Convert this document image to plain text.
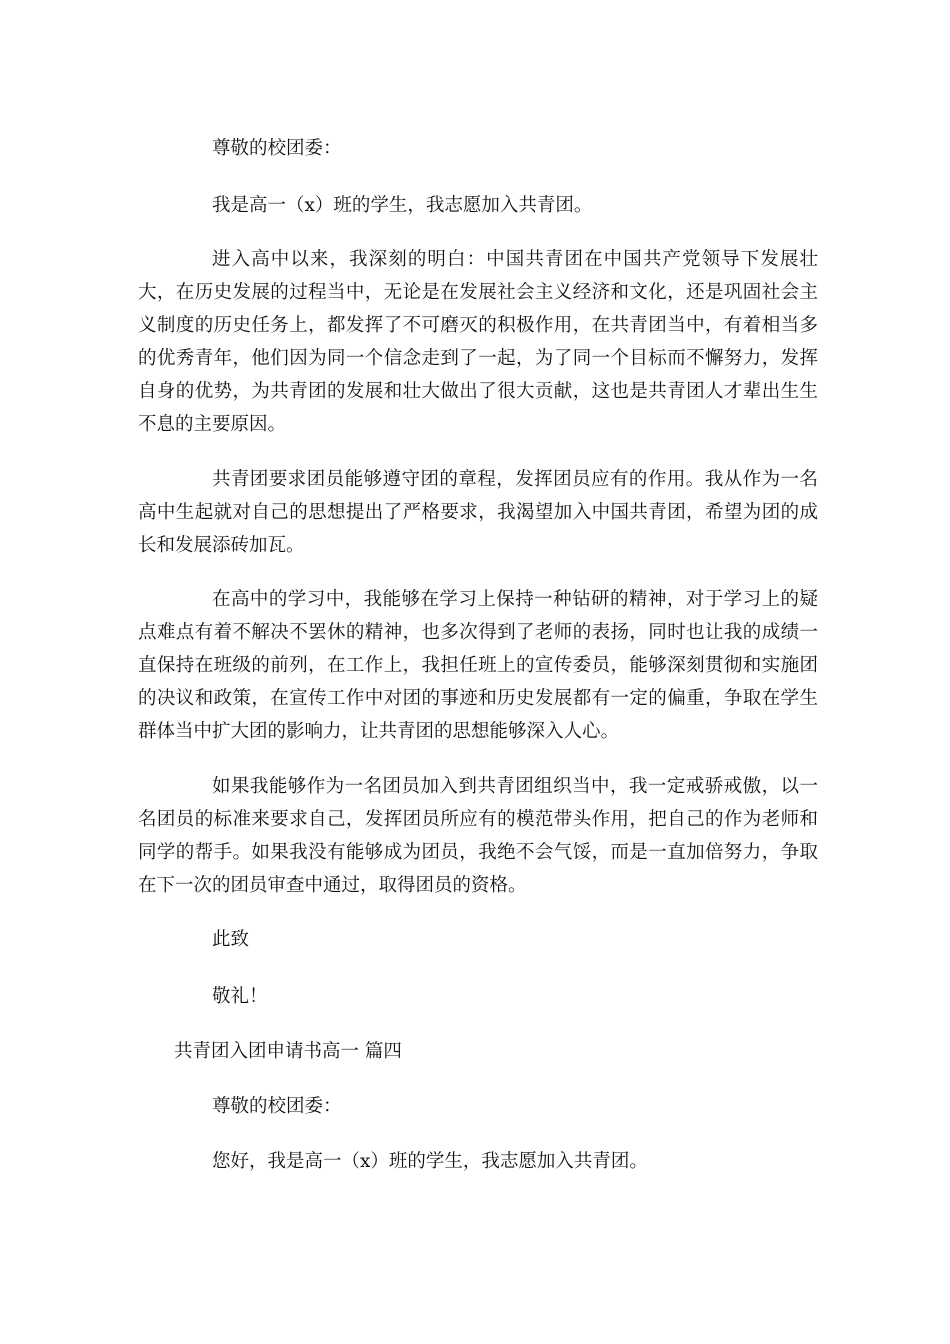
尊敬的校团委：

我是高一（x）班的学生，我志愿加入共青团。

进入高中以来，我深刻的明白：中国共青团在中国共产党领导下发展壮大，在历史发展的过程当中，无论是在发展社会主义经济和文化，还是巩固社会主义制度的历史任务上，都发挥了不可磨灭的积极作用，在共青团当中，有着相当多的优秀青年，他们因为同一个信念走到了一起，为了同一个目标而不懈努力，发挥自身的优势，为共青团的发展和壮大做出了很大贡献，这也是共青团人才辈出生生不息的主要原因。

共青团要求团员能够遵守团的章程，发挥团员应有的作用。我从作为一名高中生起就对自己的思想提出了严格要求，我渴望加入中国共青团，希望为团的成长和发展添砖加瓦。

在高中的学习中，我能够在学习上保持一种钻研的精神，对于学习上的疑点难点有着不解决不罢休的精神，也多次得到了老师的表扬，同时也让我的成绩一直保持在班级的前列，在工作上，我担任班上的宣传委员，能够深刻贯彻和实施团的决议和政策，在宣传工作中对团的事迹和历史发展都有一定的偏重，争取在学生群体当中扩大团的影响力，让共青团的思想能够深入人心。

如果我能够作为一名团员加入到共青团组织当中，我一定戒骄戒傲，以一名团员的标准来要求自己，发挥团员所应有的模范带头作用，把自己的作为老师和同学的帮手。如果我没有能够成为团员，我绝不会气馁，而是一直加倍努力，争取在下一次的团员审查中通过，取得团员的资格。

此致

敬礼！

共青团入团申请书高一 篇四

尊敬的校团委：

您好，我是高一（x）班的学生，我志愿加入共青团。
